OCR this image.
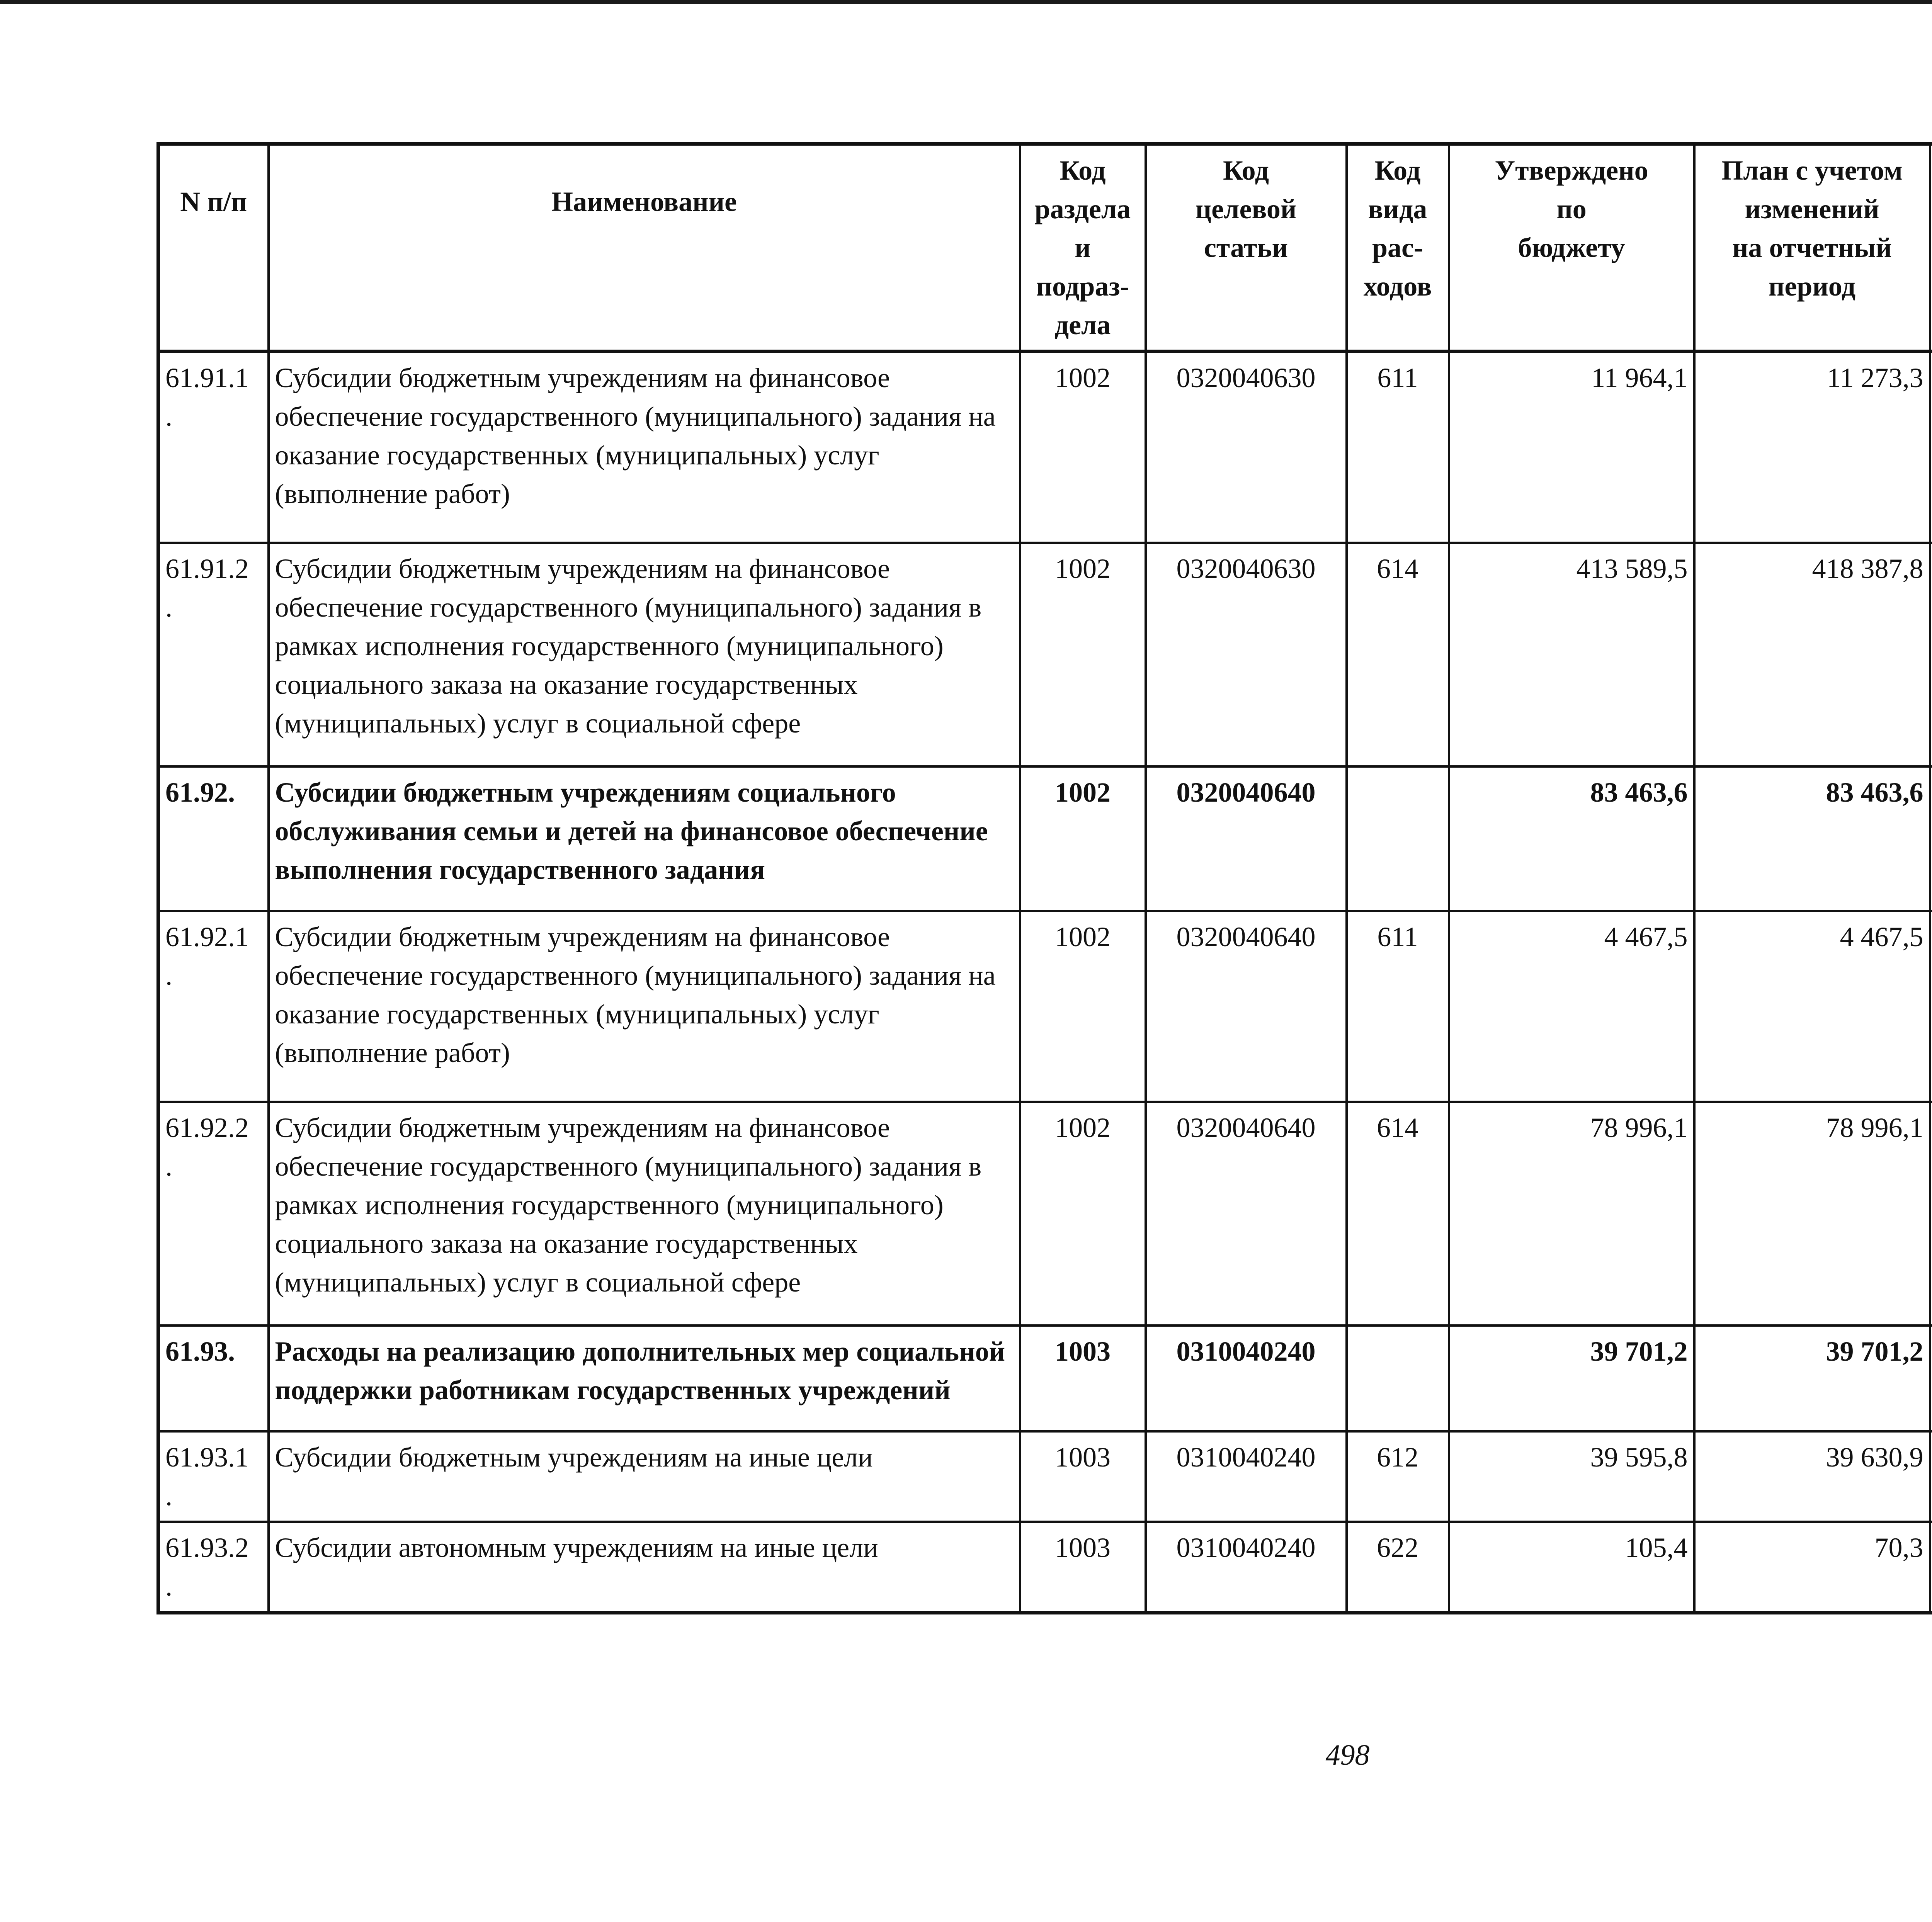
N п/п	Наименование	Код
раздела
и
подраз-
дела	Код
целевой
статьи	Код
вида
рас-
ходов	Утверждено
по
бюджету	План с учетом
изменений
на отчетный
период		

61.91.1 .	Субсидии бюджетным учреждениям на финансовое обеспечение государственного (муниципального) задания на оказание государственных (муниципальных) услуг (выполнение работ)	1002	0320040630	611	11 964,1	11 273,3			
61.91.2 .	Субсидии бюджетным учреждениям на финансовое обеспечение государственного (муниципального) задания в рамках исполнения государственного (муниципального) социального заказа на оказание государственных (муниципальных) услуг в социальной сфере	1002	0320040630	614	413 589,5	418 387,8			
61.92.	Субсидии бюджетным учреждениям социального обслуживания семьи и детей на финансовое обеспечение выполнения государственного задания	1002	0320040640		83 463,6	83 463,6			
61.92.1 .	Субсидии бюджетным учреждениям на финансовое обеспечение государственного (муниципального) задания на оказание государственных (муниципальных) услуг (выполнение работ)	1002	0320040640	611	4 467,5	4 467,5			
61.92.2 .	Субсидии бюджетным учреждениям на финансовое обеспечение государственного (муниципального) задания в рамках исполнения государственного (муниципального) социального заказа на оказание государственных (муниципальных) услуг в социальной сфере	1002	0320040640	614	78 996,1	78 996,1			
61.93.	Расходы на реализацию дополнительных мер социальной поддержки работникам государственных учреждений	1003	0310040240		39 701,2	39 701,2			
61.93.1 .	Субсидии бюджетным учреждениям на иные цели	1003	0310040240	612	39 595,8	39 630,9			
61.93.2 .	Субсидии автономным учреждениям на иные цели	1003	0310040240	622	105,4	70,3			
498
